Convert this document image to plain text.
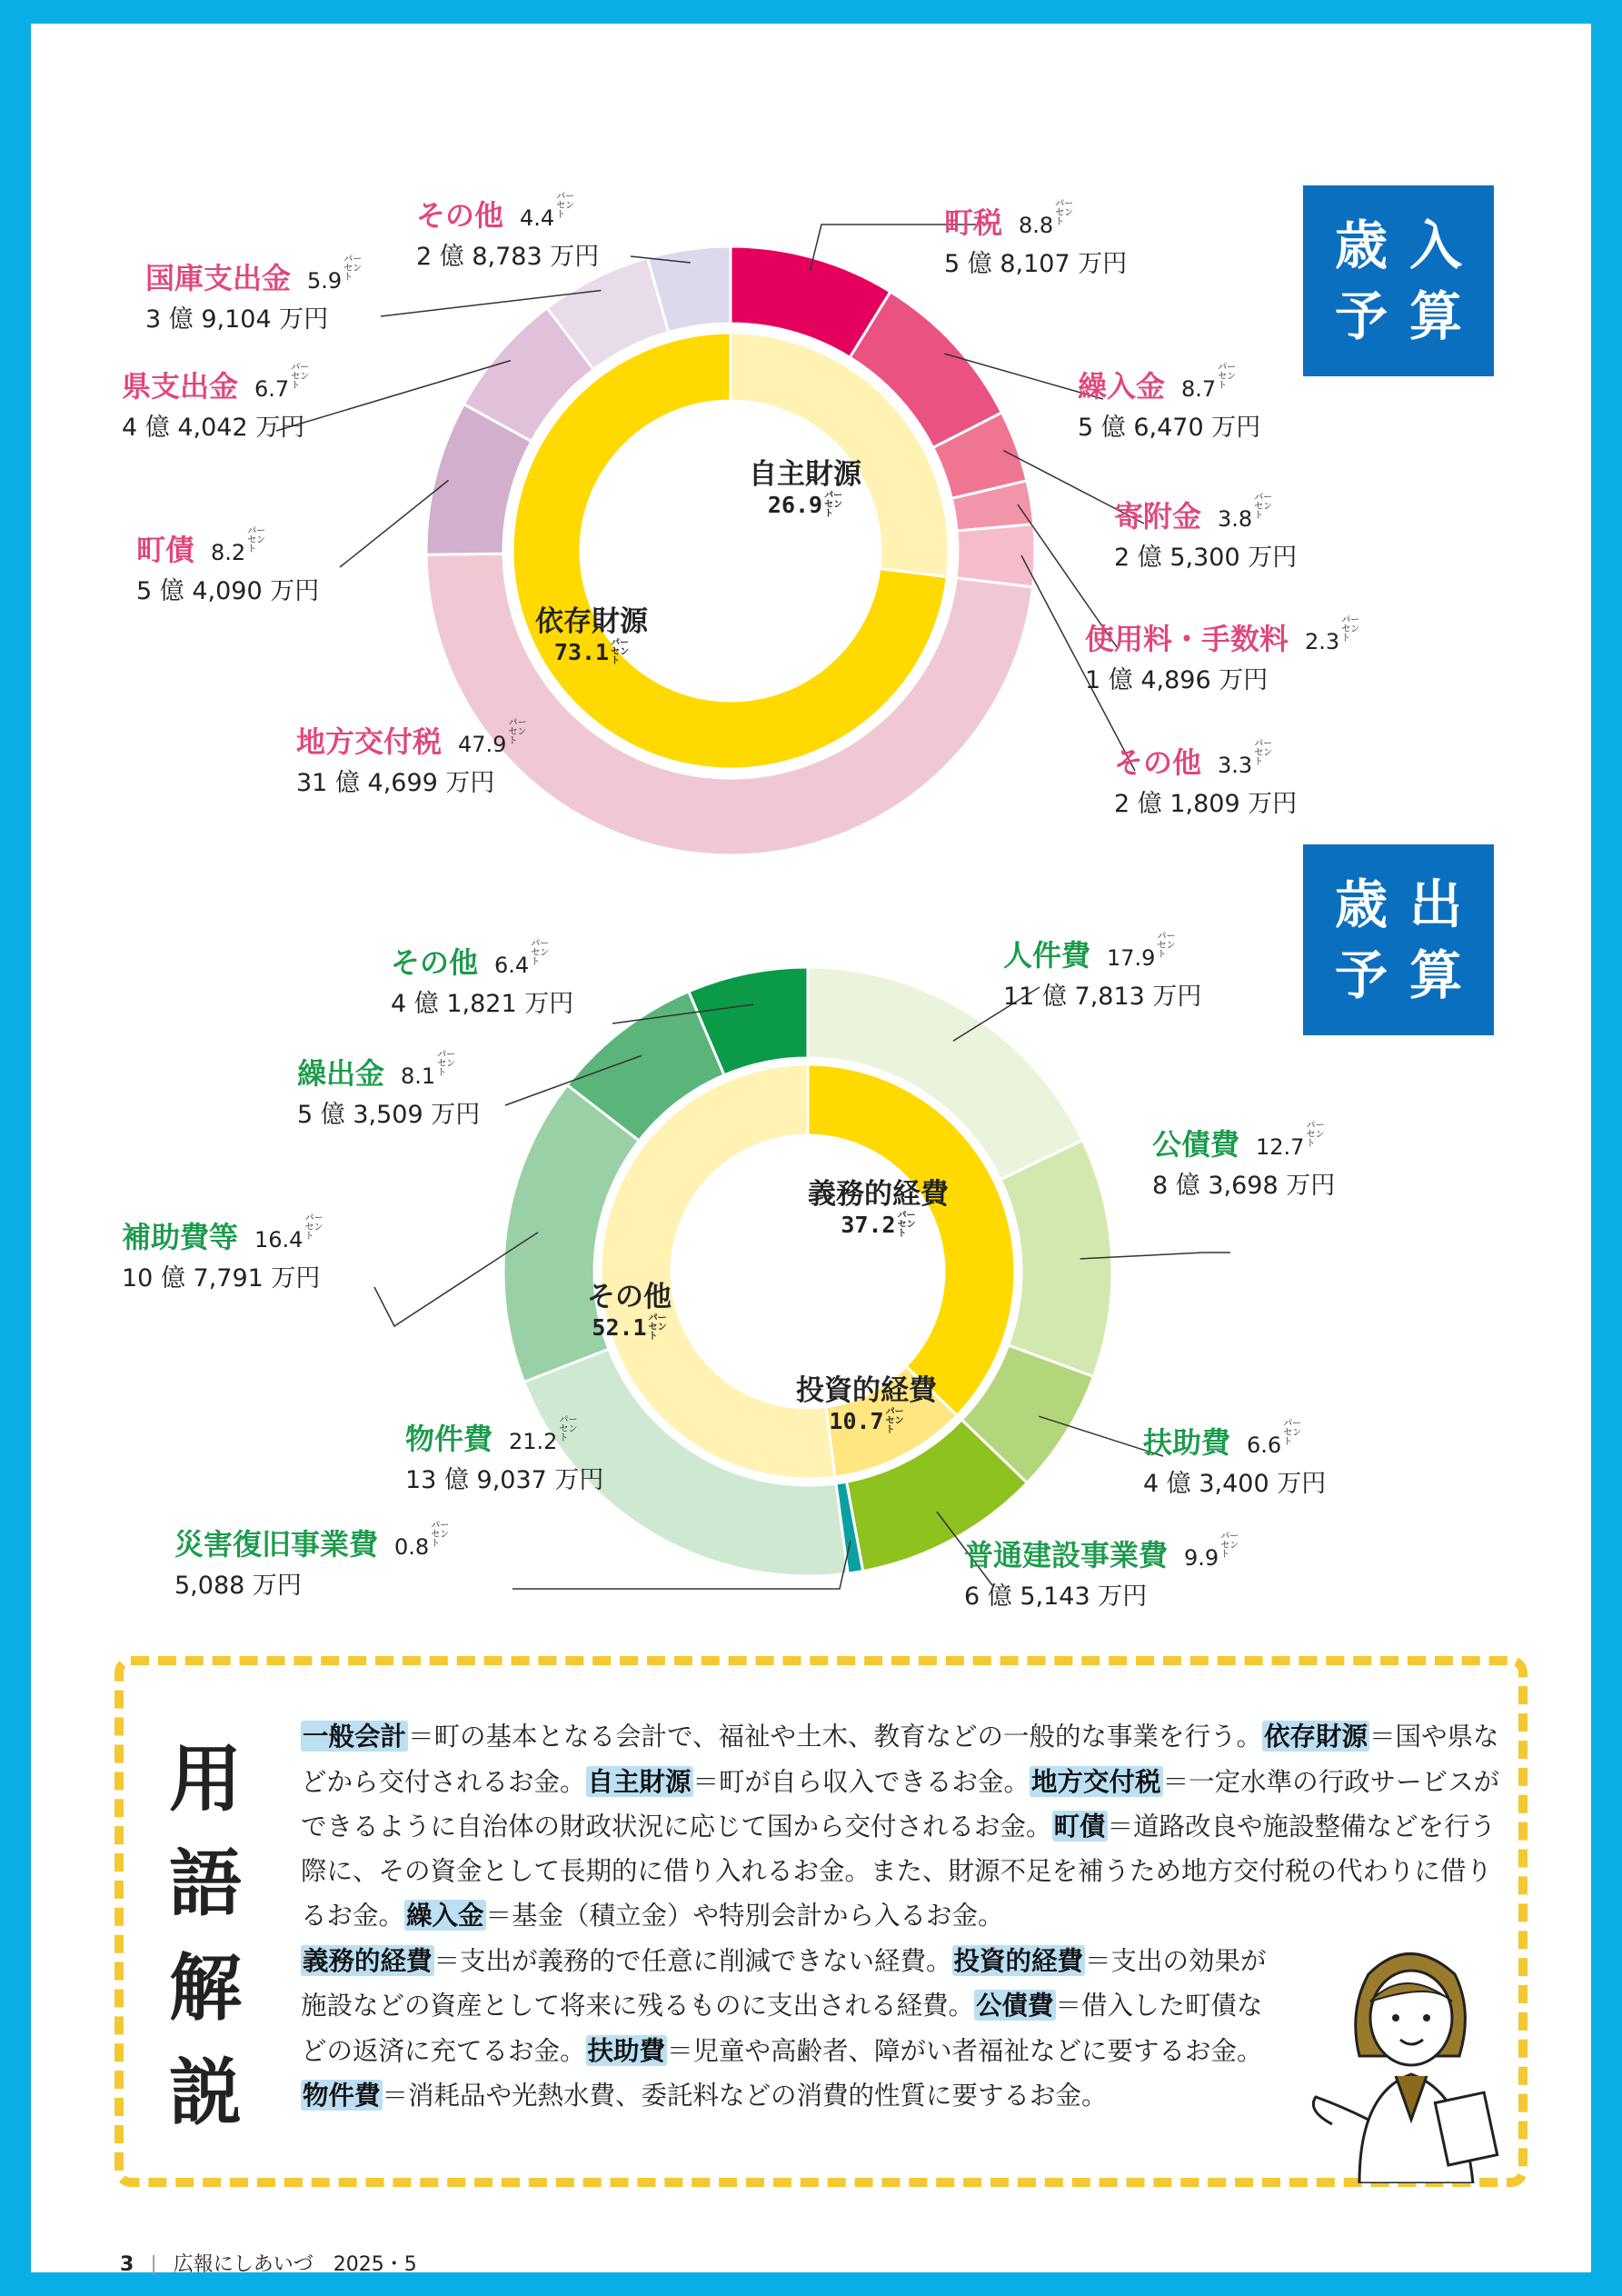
歳入
予算
自主財源
26.9 パーセント
依存財源
73.1 パーセント
町税 8.8パーセント
5 億 8,107 万円
繰入金 8.7パーセント
5 億 6,470 万円
寄附金 3.8パーセント
2 億 5,300 万円
使用料・手数料 2.3パーセント
1 億 4,896 万円
その他 3.3パーセント
2 億 1,809 万円
地方交付税 47.9パーセント
31 億 4,699 万円
町債 8.2パーセント
5 億 4,090 万円
県支出金 6.7パーセント
4 億 4,042 万円
国庫支出金 5.9パーセント
3 億 9,104 万円
その他 4.4パーセント
2 億 8,783 万円
歳出
予算
義務的経費
37.2 パーセント
投資的経費
10.7 パーセント
その他
52.1 パーセント
人件費 17.9パーセント
11 億 7,813 万円
公債費 12.7パーセント
8 億 3,698 万円
扶助費 6.6パーセント
4 億 3,400 万円
普通建設事業費 9.9パーセント
6 億 5,143 万円
災害復旧事業費 0.8パーセント
5,088 万円
物件費 21.2パーセント
13 億 9,037 万円
補助費等 16.4パーセント
10 億 7,791 万円
繰出金 8.1パーセント
5 億 3,509 万円
その他 6.4パーセント
4 億 1,821 万円
用
語
解
説
一般会計＝町の基本となる会計で、福祉や土木、教育などの一般的な事業を行う。依存財源＝国や県などから交付されるお金。自主財源＝町が自ら収入できるお金。地方交付税＝一定水準の行政サービスができるように自治体の財政状況に応じて国から交付されるお金。町債＝道路改良や施設整備などを行う際に、その資金として長期的に借り入れるお金。また、財源不足を補うため地方交付税の代わりに借りるお金。繰入金＝基金（積立金）や特別会計から入るお金。
義務的経費＝支出が義務的で任意に削減できない経費。投資的経費＝支出の効果が施設などの資産として将来に残るものに支出される経費。公債費＝借入した町債などの返済に充てるお金。扶助費＝児童や高齢者、障がい者福祉などに要するお金。物件費＝消耗品や光熱水費、委託料などの消費的性質に要するお金。
3 | 広報にしあいづ　2025・5
